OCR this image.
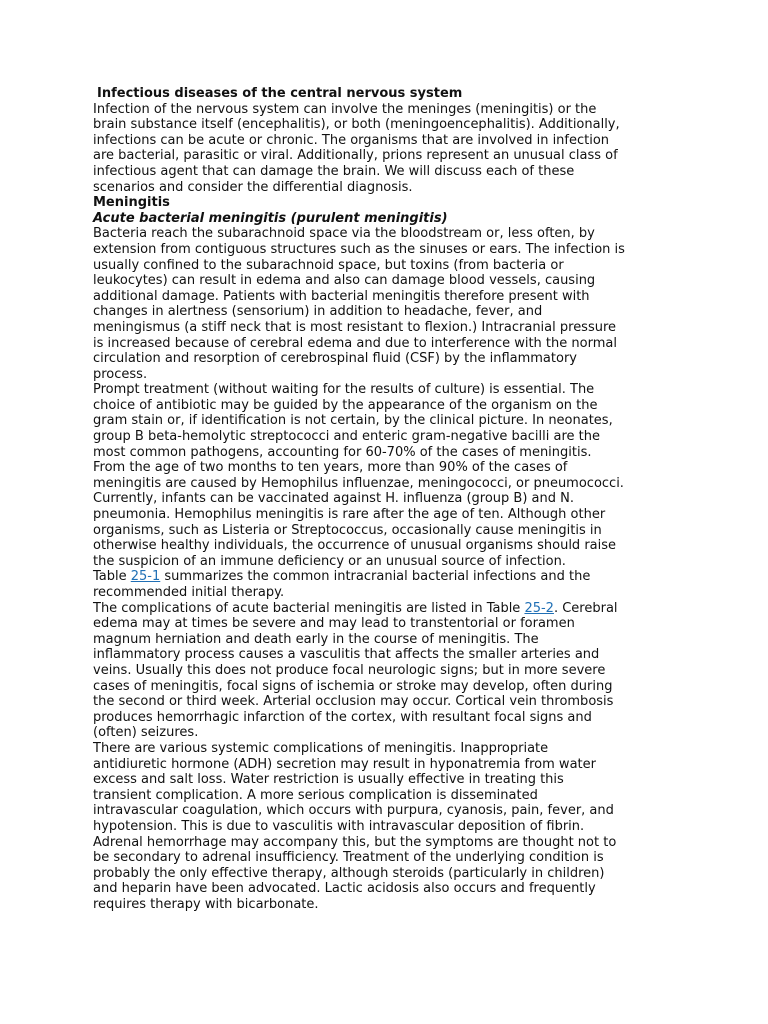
Infectious diseases of the central nervous system
Infection of the nervous system can involve the meninges (meningitis) or the
brain substance itself (encephalitis), or both (meningoencephalitis). Additionally,
infections can be acute or chronic. The organisms that are involved in infection
are bacterial, parasitic or viral. Additionally, prions represent an unusual class of
infectious agent that can damage the brain. We will discuss each of these
scenarios and consider the differential diagnosis.
Meningitis
Acute bacterial meningitis (purulent meningitis)
Bacteria reach the subarachnoid space via the bloodstream or, less often, by
extension from contiguous structures such as the sinuses or ears. The infection is
usually confined to the subarachnoid space, but toxins (from bacteria or
leukocytes) can result in edema and also can damage blood vessels, causing
additional damage. Patients with bacterial meningitis therefore present with
changes in alertness (sensorium) in addition to headache, fever, and
meningismus (a stiff neck that is most resistant to flexion.) Intracranial pressure
is increased because of cerebral edema and due to interference with the normal
circulation and resorption of cerebrospinal fluid (CSF) by the inflammatory
process.
Prompt treatment (without waiting for the results of culture) is essential. The
choice of antibiotic may be guided by the appearance of the organism on the
gram stain or, if identification is not certain, by the clinical picture. In neonates,
group B beta-hemolytic streptococci and enteric gram-negative bacilli are the
most common pathogens, accounting for 60-70% of the cases of meningitis.
From the age of two months to ten years, more than 90% of the cases of
meningitis are caused by Hemophilus influenzae, meningococci, or pneumococci.
Currently, infants can be vaccinated against H. influenza (group B) and N.
pneumonia. Hemophilus meningitis is rare after the age of ten. Although other
organisms, such as Listeria or Streptococcus, occasionally cause meningitis in
otherwise healthy individuals, the occurrence of unusual organisms should raise
the suspicion of an immune deficiency or an unusual source of infection.
Table 25-1 summarizes the common intracranial bacterial infections and the
recommended initial therapy.
The complications of acute bacterial meningitis are listed in Table 25-2. Cerebral
edema may at times be severe and may lead to transtentorial or foramen
magnum herniation and death early in the course of meningitis. The
inflammatory process causes a vasculitis that affects the smaller arteries and
veins. Usually this does not produce focal neurologic signs; but in more severe
cases of meningitis, focal signs of ischemia or stroke may develop, often during
the second or third week. Arterial occlusion may occur. Cortical vein thrombosis
produces hemorrhagic infarction of the cortex, with resultant focal signs and
(often) seizures.
There are various systemic complications of meningitis. Inappropriate
antidiuretic hormone (ADH) secretion may result in hyponatremia from water
excess and salt loss. Water restriction is usually effective in treating this
transient complication. A more serious complication is disseminated
intravascular coagulation, which occurs with purpura, cyanosis, pain, fever, and
hypotension. This is due to vasculitis with intravascular deposition of fibrin.
Adrenal hemorrhage may accompany this, but the symptoms are thought not to
be secondary to adrenal insufficiency. Treatment of the underlying condition is
probably the only effective therapy, although steroids (particularly in children)
and heparin have been advocated. Lactic acidosis also occurs and frequently
requires therapy with bicarbonate.
